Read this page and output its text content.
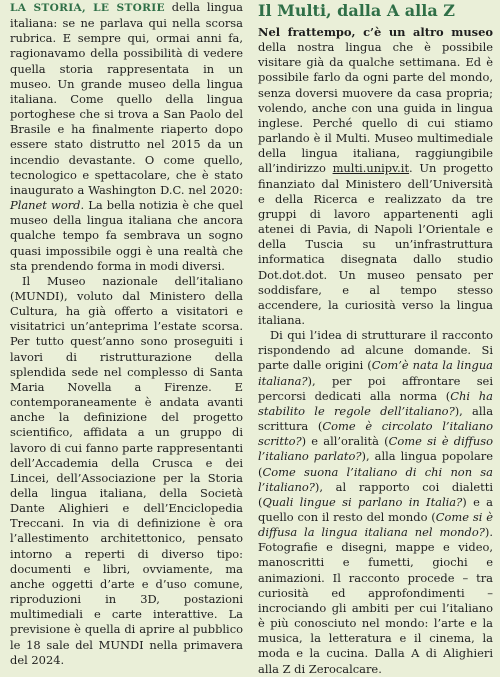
LA STORIA, LE STORIE della lingua italiana: se ne parlava qui nella scorsa rubrica. E sempre qui, ormai anni fa, ragionavamo della possibilità di vedere quella storia rappresentata in un museo. Un grande museo della lingua italiana. Come quello della lingua portoghese che si trova a San Paolo del Brasile e ha finalmente riaperto dopo essere stato distrutto nel 2015 da un incendio devastante. O come quello, tecnologico e spettacolare, che è stato inaugurato a Washington D.C. nel 2020: Planet word. La bella notizia è che quel museo della lingua italiana che ancora qualche tempo fa sembrava un sogno quasi impossibile oggi è una realtà che sta prendendo forma in modi diversi.

Il Museo nazionale dell’italiano (MUNDI), voluto dal Ministero della Cultura, ha già offerto a visitatori e visitatrici un’anteprima l’estate scorsa. Per tutto quest’anno sono proseguiti i lavori di ristrutturazione della splendida sede nel complesso di Santa Maria Novella a Firenze. E contemporaneamente è andata avanti anche la definizione del progetto scientifico, affidata a un gruppo di lavoro di cui fanno parte rappresentanti dell’Accademia della Crusca e dei Lincei, dell’Associazione per la Storia della lingua italiana, della Società Dante Alighieri e dell’Enciclopedia Treccani. In via di definizione è ora l’allestimento architettonico, pensato intorno a reperti di diverso tipo: documenti e libri, ovviamente, ma anche oggetti d’arte e d’uso comune, riproduzioni in 3D, postazioni multimediali e carte interattive. La previsione è quella di aprire al pubblico le 18 sale del MUNDI nella primavera del 2024.

Il Multi, dalla A alla Z

Nel frattempo, c’è un altro museo della nostra lingua che è possibile visitare già da qualche settimana. Ed è possibile farlo da ogni parte del mondo, senza doversi muovere da casa propria; volendo, anche con una guida in lingua inglese. Perché quello di cui stiamo parlando è il Multi. Museo multimediale della lingua italiana, raggiungibile all’indirizzo multi.unipv.it. Un progetto finanziato dal Ministero dell’Università e della Ricerca e realizzato da tre gruppi di lavoro appartenenti agli atenei di Pavia, di Napoli l’Orientale e della Tuscia su un’infrastruttura informatica disegnata dallo studio Dot.dot.dot. Un museo pensato per soddisfare, e al tempo stesso accendere, la curiosità verso la lingua italiana.

Di qui l’idea di strutturare il racconto rispondendo ad alcune domande. Si parte dalle origini (Com’è nata la lingua italiana?), per poi affrontare sei percorsi dedicati alla norma (Chi ha stabilito le regole dell’italiano?), alla scrittura (Come è circolato l’italiano scritto?) e all’oralità (Come si è diffuso l’italiano parlato?), alla lingua popolare (Come suona l’italiano di chi non sa l’italiano?), al rapporto coi dialetti (Quali lingue si parlano in Italia?) e a quello con il resto del mondo (Come si è diffusa la lingua italiana nel mondo?). Fotografie e disegni, mappe e video, manoscritti e fumetti, giochi e animazioni. Il racconto procede – tra curiosità ed approfondimenti – incrociando gli ambiti per cui l’italiano è più conosciuto nel mondo: l’arte e la musica, la letteratura e il cinema, la moda e la cucina. Dalla A di Alighieri alla Z di Zerocalcare.
